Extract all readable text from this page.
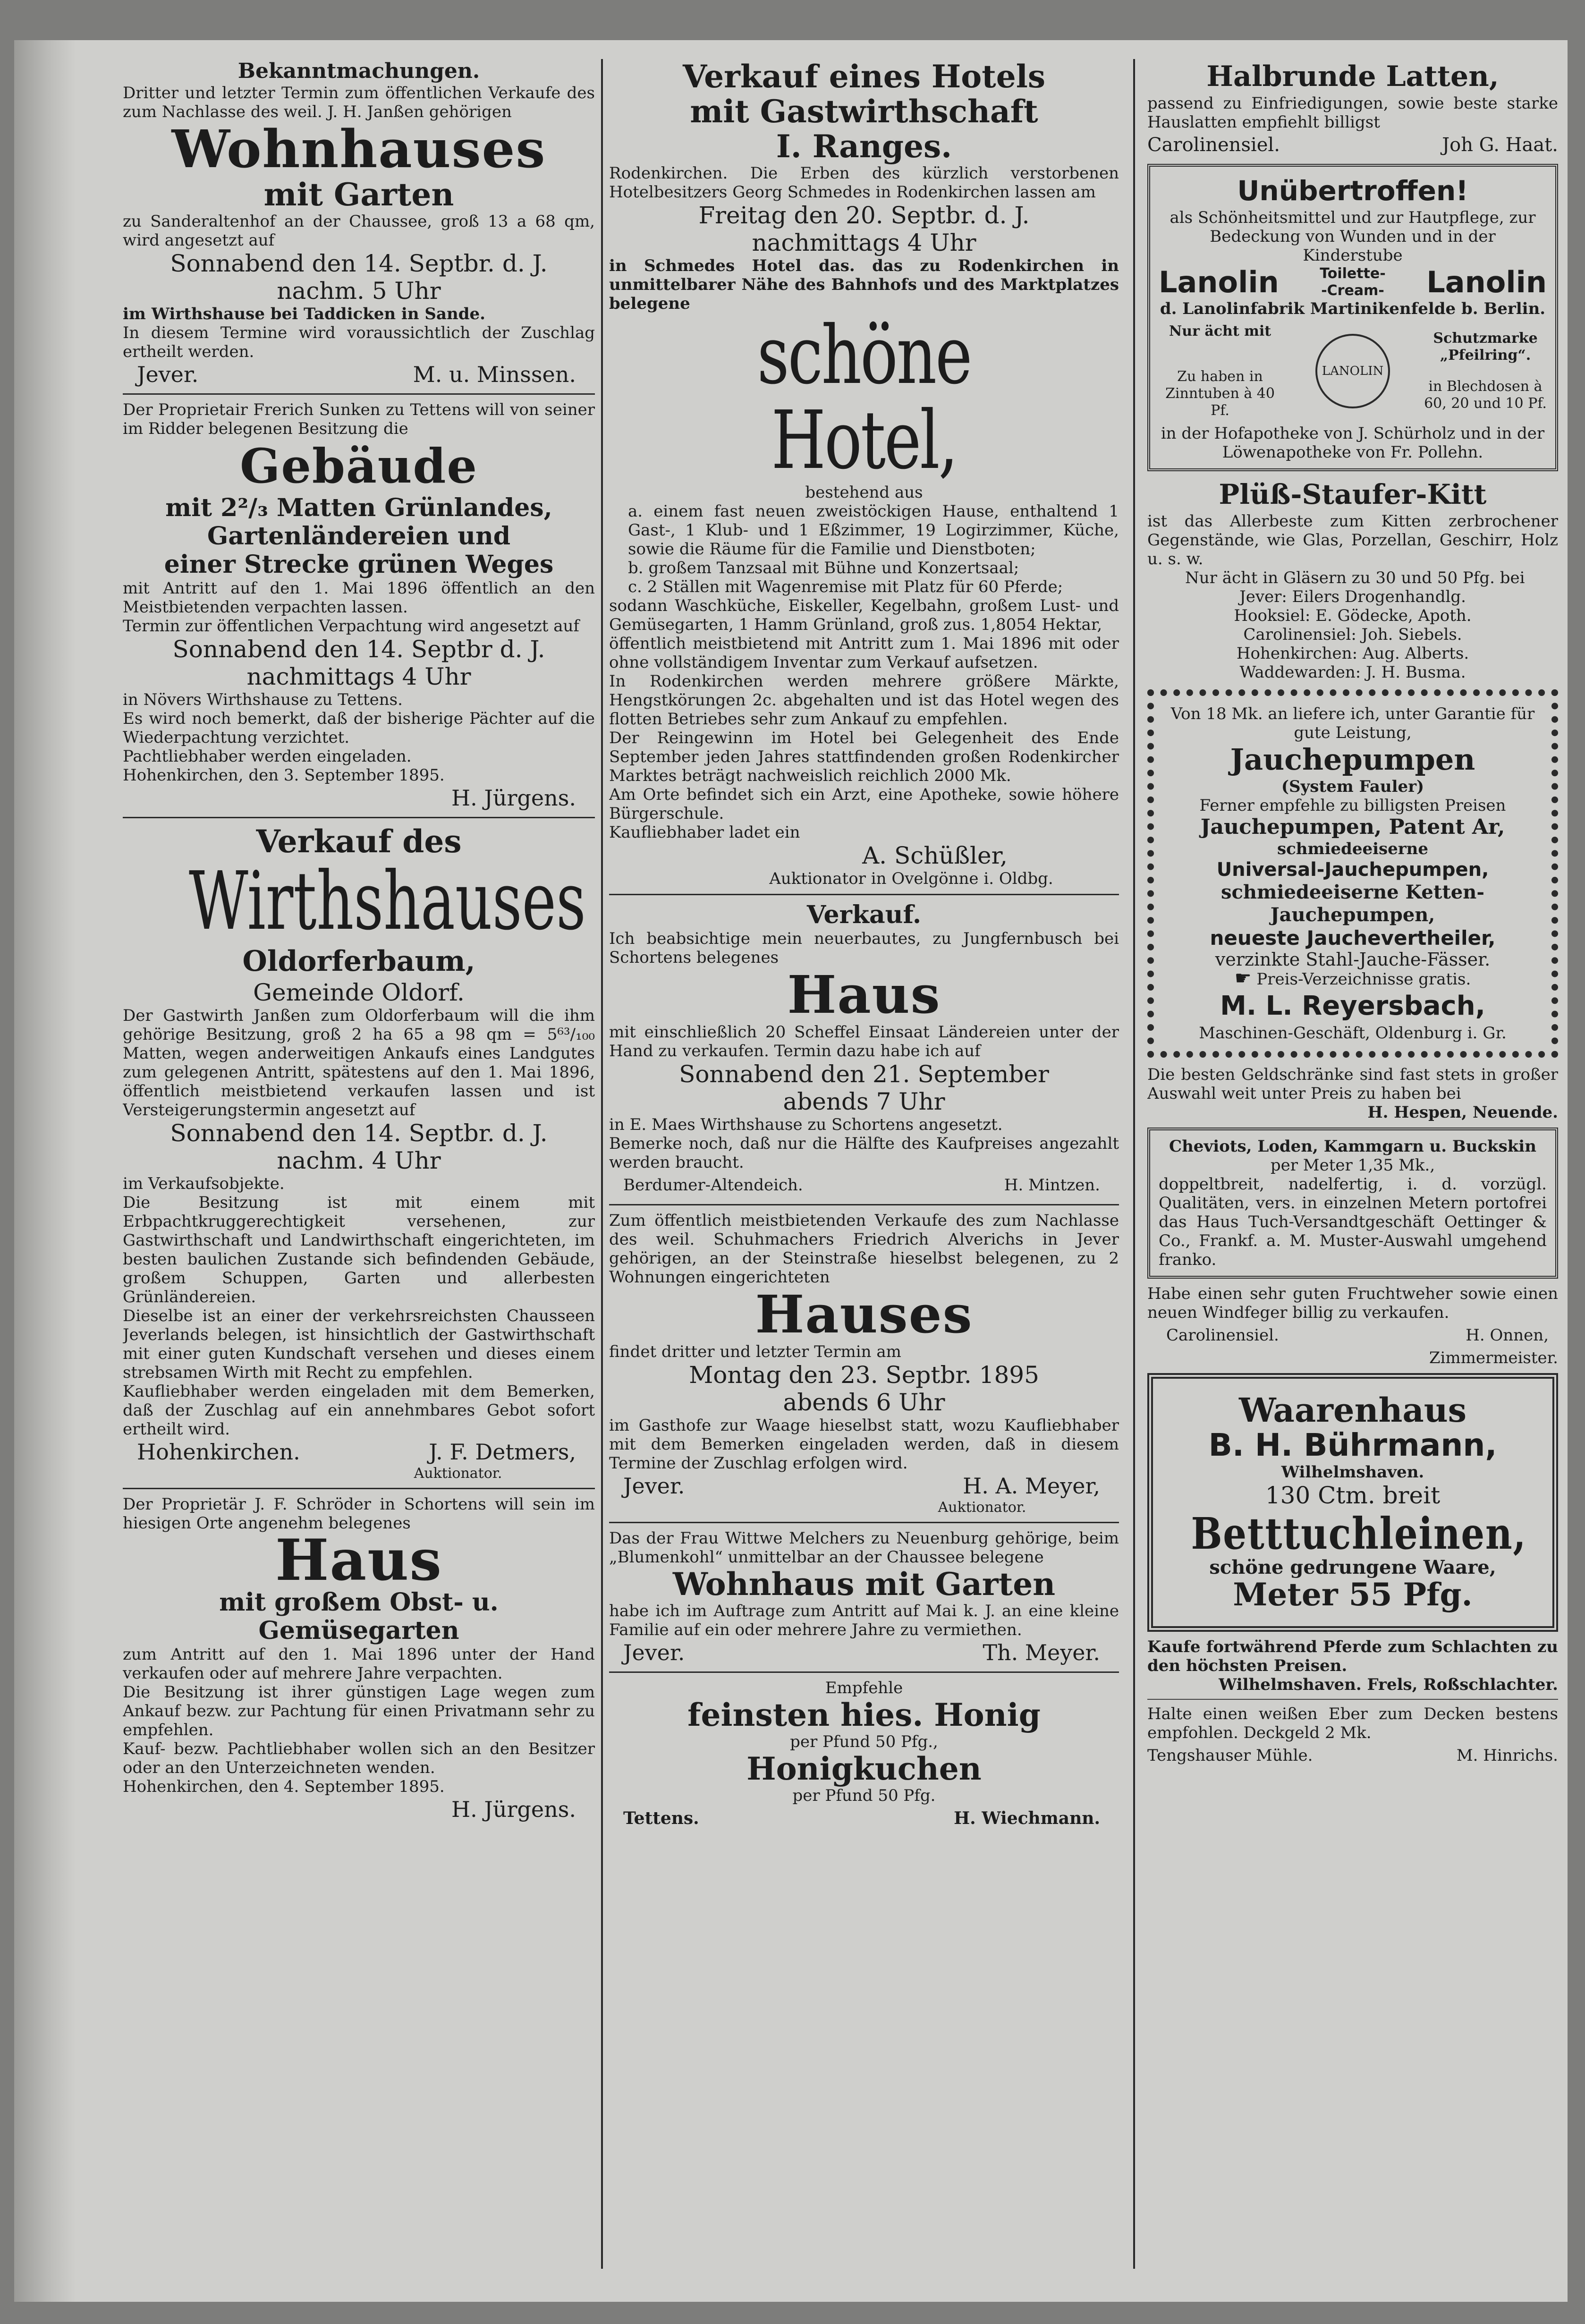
Bekanntmachungen.

Dritter und letzter Termin zum öffentlichen Verkaufe des zum Nachlasse des weil. J. H. Janßen gehörigen

Wohnhauses

mit Garten

zu Sanderaltenhof an der Chaussee, groß 13 a 68 qm, wird angesetzt auf

Sonnabend den 14. Septbr. d. J.

nachm. 5 Uhr

im Wirthshause bei Taddicken in Sande.

In diesem Termine wird voraussichtlich der Zuschlag ertheilt werden.

Jever.	M. u. Minssen.

Der Proprietair Frerich Sunken zu Tettens will von seiner im Ridder belegenen Besitzung die

Gebäude

mit 2²/₃ Matten Grünlandes,

Gartenländereien und

einer Strecke grünen Weges

mit Antritt auf den 1. Mai 1896 öffentlich an den Meistbietenden verpachten lassen.

Termin zur öffentlichen Verpachtung wird angesetzt auf

Sonnabend den 14. Septbr d. J.

nachmittags 4 Uhr

in Növers Wirthshause zu Tettens.

Es wird noch bemerkt, daß der bisherige Pächter auf die Wiederpachtung verzichtet.

Pachtliebhaber werden eingeladen.

Hohenkirchen, den 3. September 1895.

H. Jürgens.

Verkauf des

Wirthshauses

Oldorferbaum,

Gemeinde Oldorf.

Der Gastwirth Janßen zum Oldorferbaum will die ihm gehörige Besitzung, groß 2 ha 65 a 98 qm = 5⁶³/₁₀₀ Matten, wegen anderweitigen Ankaufs eines Landgutes zum gelegenen Antritt, spätestens auf den 1. Mai 1896, öffentlich meistbietend verkaufen lassen und ist Versteigerungstermin angesetzt auf

Sonnabend den 14. Septbr. d. J.

nachm. 4 Uhr

im Verkaufsobjekte.

Die Besitzung ist mit einem mit Erbpachtkruggerechtigkeit versehenen, zur Gastwirthschaft und Landwirthschaft eingerichteten, im besten baulichen Zustande sich befindenden Gebäude, großem Schuppen, Garten und allerbesten Grünländereien.

Dieselbe ist an einer der verkehrsreichsten Chausseen Jeverlands belegen, ist hinsichtlich der Gastwirthschaft mit einer guten Kundschaft versehen und dieses einem strebsamen Wirth mit Recht zu empfehlen.

Kaufliebhaber werden eingeladen mit dem Bemerken, daß der Zuschlag auf ein annehmbares Gebot sofort ertheilt wird.

Hohenkirchen.	J. F. Detmers,

Auktionator.

Der Proprietär J. F. Schröder in Schortens will sein im hiesigen Orte angenehm belegenes

Haus

mit großem Obst- u. Gemüsegarten

zum Antritt auf den 1. Mai 1896 unter der Hand verkaufen oder auf mehrere Jahre verpachten.

Die Besitzung ist ihrer günstigen Lage wegen zum Ankauf bezw. zur Pachtung für einen Privatmann sehr zu empfehlen.

Kauf- bezw. Pachtliebhaber wollen sich an den Besitzer oder an den Unterzeichneten wenden.

Hohenkirchen, den 4. September 1895.

H. Jürgens.

Verkauf eines Hotels

mit Gastwirthschaft

I. Ranges.

Rodenkirchen. Die Erben des kürzlich verstorbenen Hotelbesitzers Georg Schmedes in Rodenkirchen lassen am

Freitag den 20. Septbr. d. J.

nachmittags 4 Uhr

in Schmedes Hotel das. das zu Rodenkirchen in unmittelbarer Nähe des Bahnhofs und des Marktplatzes belegene

schöne Hotel,

bestehend aus

a. einem fast neuen zweistöckigen Hause, enthaltend 1 Gast-, 1 Klub- und 1 Eßzimmer, 19 Logirzimmer, Küche, sowie die Räume für die Familie und Dienstboten;

b. großem Tanzsaal mit Bühne und Konzertsaal;

c. 2 Ställen mit Wagenremise mit Platz für 60 Pferde;

sodann Waschküche, Eiskeller, Kegelbahn, großem Lust- und Gemüsegarten, 1 Hamm Grünland, groß zus. 1,8054 Hektar,

öffentlich meistbietend mit Antritt zum 1. Mai 1896 mit oder ohne vollständigem Inventar zum Verkauf aufsetzen.

In Rodenkirchen werden mehrere größere Märkte, Hengstkörungen 2c. abgehalten und ist das Hotel wegen des flotten Betriebes sehr zum Ankauf zu empfehlen.

Der Reingewinn im Hotel bei Gelegenheit des Ende September jeden Jahres stattfindenden großen Rodenkircher Marktes beträgt nachweislich reichlich 2000 Mk.

Am Orte befindet sich ein Arzt, eine Apotheke, sowie höhere Bürgerschule.

Kaufliebhaber ladet ein

A. Schüßler,

Auktionator in Ovelgönne i. Oldbg.

Verkauf.

Ich beabsichtige mein neuerbautes, zu Jungfernbusch bei Schortens belegenes

Haus

mit einschließlich 20 Scheffel Einsaat Ländereien unter der Hand zu verkaufen. Termin dazu habe ich auf

Sonnabend den 21. September

abends 7 Uhr

in E. Maes Wirthshause zu Schortens angesetzt.

Bemerke noch, daß nur die Hälfte des Kaufpreises angezahlt werden braucht.

Berdumer-Altendeich.	H. Mintzen.

Zum öffentlich meistbietenden Verkaufe des zum Nachlasse des weil. Schuhmachers Friedrich Alverichs in Jever gehörigen, an der Steinstraße hieselbst belegenen, zu 2 Wohnungen eingerichteten

Hauses

findet dritter und letzter Termin am

Montag den 23. Septbr. 1895

abends 6 Uhr

im Gasthofe zur Waage hieselbst statt, wozu Kaufliebhaber mit dem Bemerken eingeladen werden, daß in diesem Termine der Zuschlag erfolgen wird.

Jever.	H. A. Meyer,

Auktionator.

Das der Frau Wittwe Melchers zu Neuenburg gehörige, beim „Blumenkohl“ unmittelbar an der Chaussee belegene

Wohnhaus mit Garten

habe ich im Auftrage zum Antritt auf Mai k. J. an eine kleine Familie auf ein oder mehrere Jahre zu vermiethen.

Jever.	Th. Meyer.

Empfehle

feinsten hies. Honig

per Pfund 50 Pfg.,

Honigkuchen

per Pfund 50 Pfg.

Tettens.	H. Wiechmann.

Halbrunde Latten,

passend zu Einfriedigungen, sowie beste starke Hauslatten empfiehlt billigst

Carolinensiel.	Joh G. Haat.

Unübertroffen!

als Schönheitsmittel und zur Hautpflege, zur Bedeckung von Wunden und in der Kinderstube

Lanolin	Toilette-
-Cream- Lanolin

d. Lanolinfabrik Martinikenfelde b. Berlin.

Nur ächt mit

Zu haben in Zinntuben à 40 Pf.

LANOLIN

Schutzmarke „Pfeilring“.

in Blechdosen à 60, 20 und 10 Pf.

in der Hofapotheke von J. Schürholz und in der Löwenapotheke von Fr. Pollehn.

Plüß-Staufer-Kitt

ist das Allerbeste zum Kitten zerbrochener Gegenstände, wie Glas, Porzellan, Geschirr, Holz u. s. w.

Nur ächt in Gläsern zu 30 und 50 Pfg. bei

Jever: Eilers Drogenhandlg.

Hooksiel: E. Gödecke, Apoth.

Carolinensiel: Joh. Siebels.

Hohenkirchen: Aug. Alberts.

Waddewarden: J. H. Busma.

Von 18 Mk. an liefere ich, unter Garantie für gute Leistung,

Jauchepumpen

(System Fauler)

Ferner empfehle zu billigsten Preisen

Jauchepumpen, Patent Ar,

schmiedeeiserne

Universal-Jauchepumpen,

schmiedeeiserne Ketten-Jauchepumpen,

neueste Jauchevertheiler,

verzinkte Stahl-Jauche-Fässer.

☛ Preis-Verzeichnisse gratis.

M. L. Reyersbach,

Maschinen-Geschäft, Oldenburg i. Gr.

Die besten Geldschränke sind fast stets in großer Auswahl weit unter Preis zu haben bei

H. Hespen, Neuende.

Cheviots, Loden, Kammgarn u. Buckskin

per Meter 1,35 Mk.,

doppeltbreit, nadelfertig, i. d. vorzügl. Qualitäten, vers. in einzelnen Metern portofrei das Haus Tuch-Versandtgeschäft Oettinger & Co., Frankf. a. M. Muster-Auswahl umgehend franko.

Habe einen sehr guten Fruchtweher sowie einen neuen Windfeger billig zu verkaufen.

Carolinensiel.	H. Onnen,

Zimmermeister.

Waarenhaus

B. H. Bührmann,

Wilhelmshaven.

130 Ctm. breit

Betttuchleinen,

schöne gedrungene Waare,

Meter 55 Pfg.

Kaufe fortwährend Pferde zum Schlachten zu den höchsten Preisen.

Wilhelmshaven. Frels, Roßschlachter.

Halte einen weißen Eber zum Decken bestens empfohlen. Deckgeld 2 Mk.

Tengshauser Mühle.	M. Hinrichs.
